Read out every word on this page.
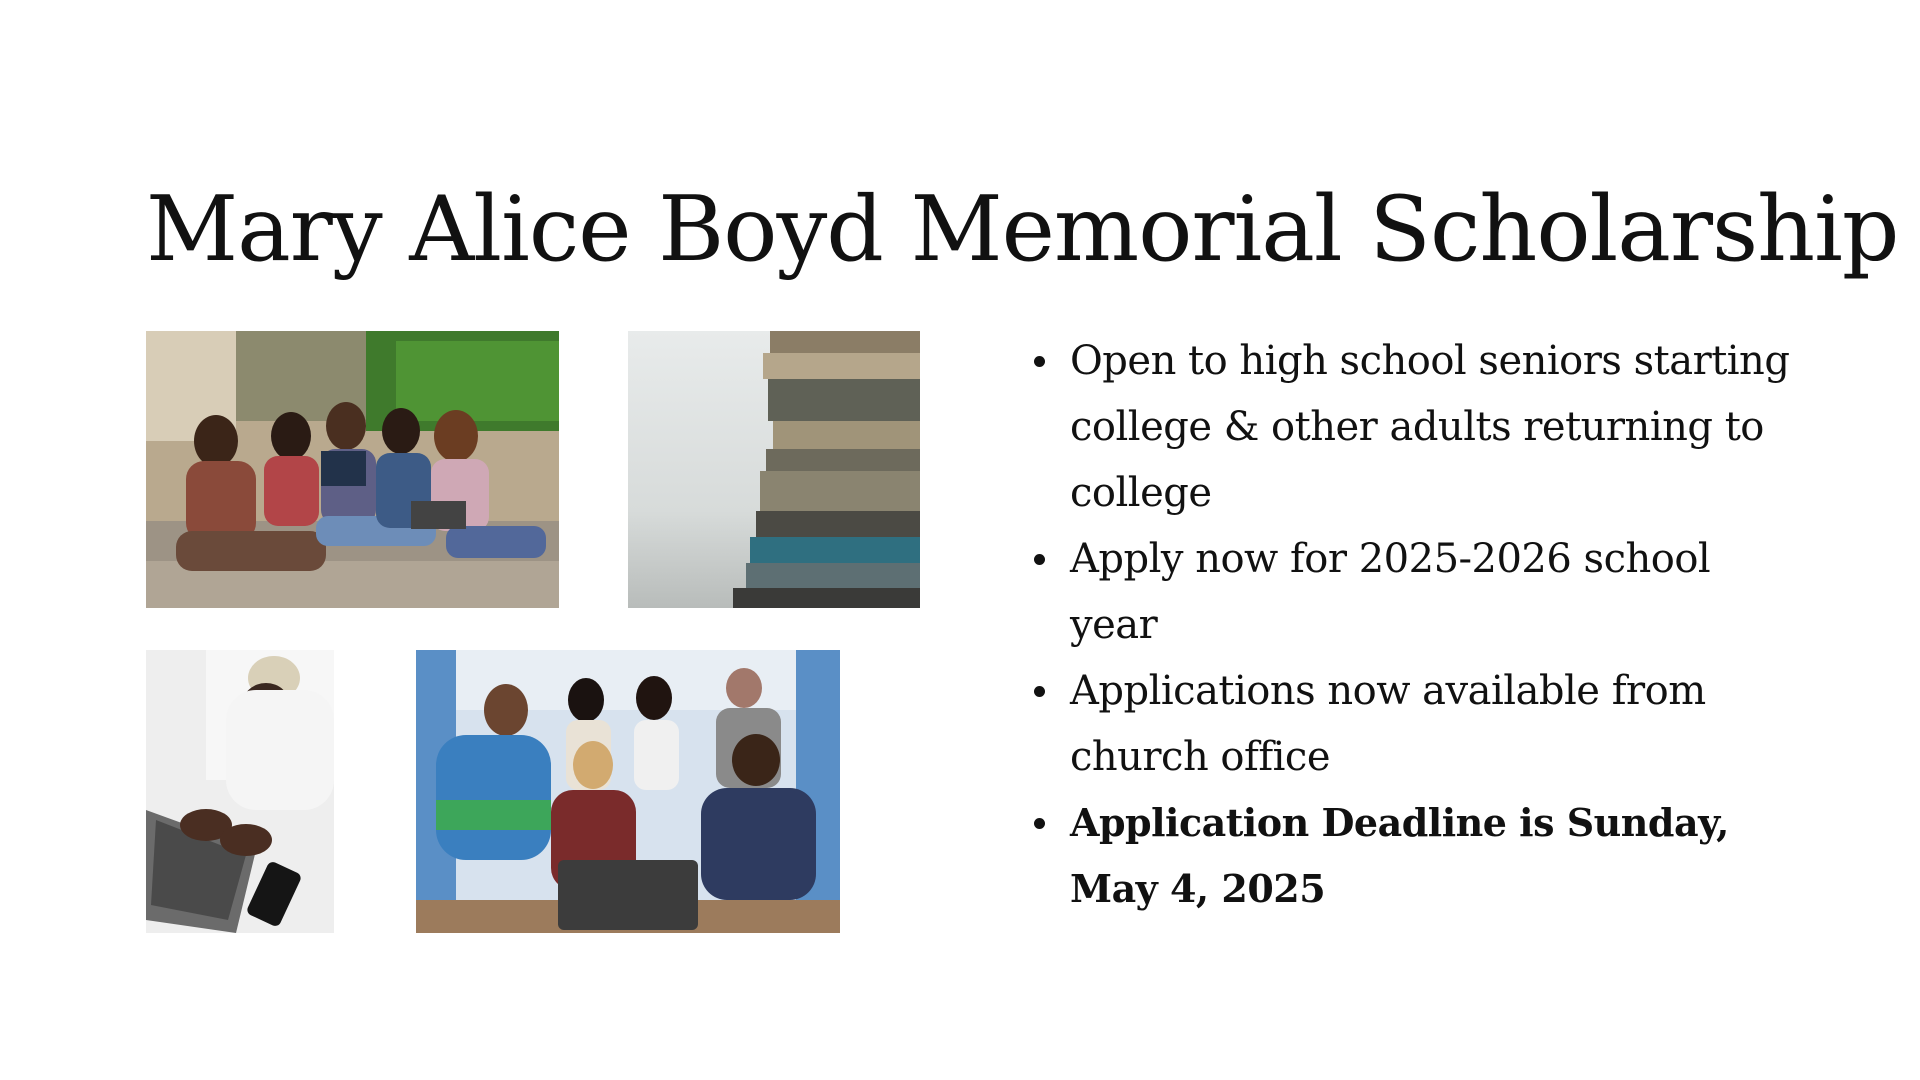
Mary Alice Boyd Memorial Scholarship
Open to high school seniors starting college & other adults returning to college
Apply now for 2025-2026 school year
Applications now available from church office
Application Deadline is Sunday, May 4, 2025
